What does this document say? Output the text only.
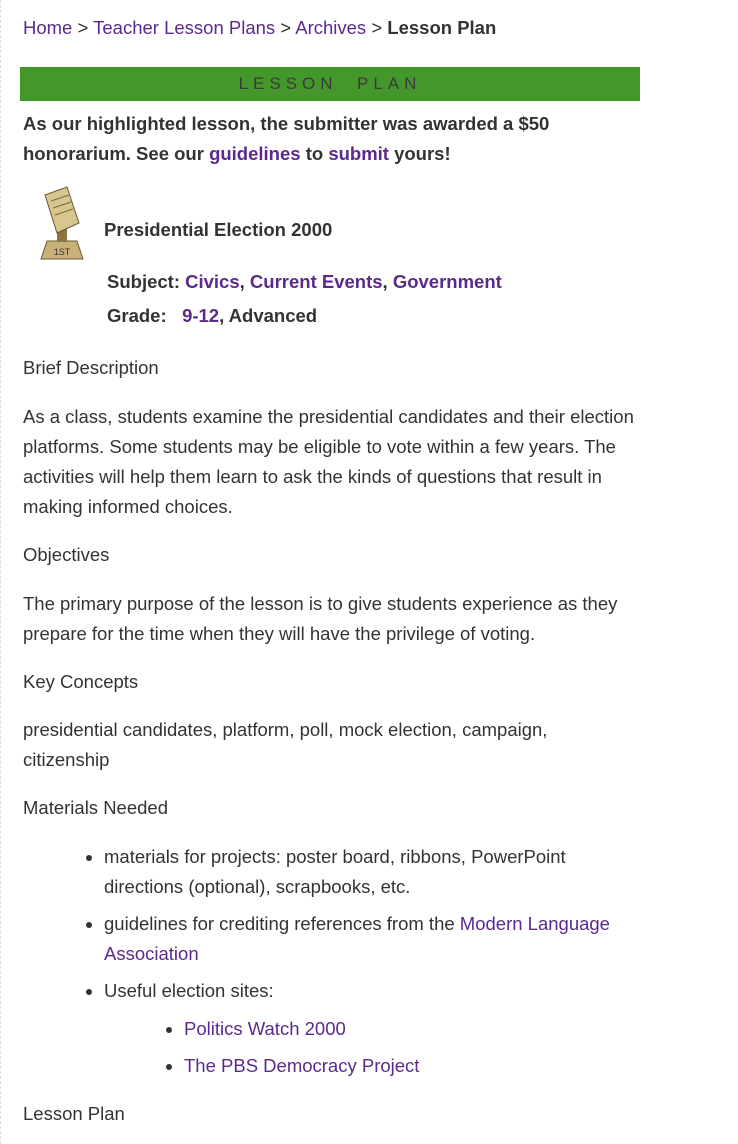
Home > Teacher Lesson Plans > Archives > Lesson Plan
LESSON  PLAN
As our highlighted lesson, the submitter was awarded a $50 honorarium. See our guidelines to submit yours!
1ST
Presidential Election 2000
Subject: Civics, Current Events, Government
Grade: 9-12, Advanced
Brief Description
As a class, students examine the presidential candidates and their election platforms. Some students may be eligible to vote within a few years. The activities will help them learn to ask the kinds of questions that result in making informed choices.
Objectives
The primary purpose of the lesson is to give students experience as they prepare for the time when they will have the privilege of voting.
Key Concepts
presidential candidates, platform, poll, mock election, campaign, citizenship
Materials Needed
materials for projects: poster board, ribbons, PowerPoint directions (optional), scrapbooks, etc.
guidelines for crediting references from the Modern Language Association
Useful election sites:
Politics Watch 2000
The PBS Democracy Project
Lesson Plan
